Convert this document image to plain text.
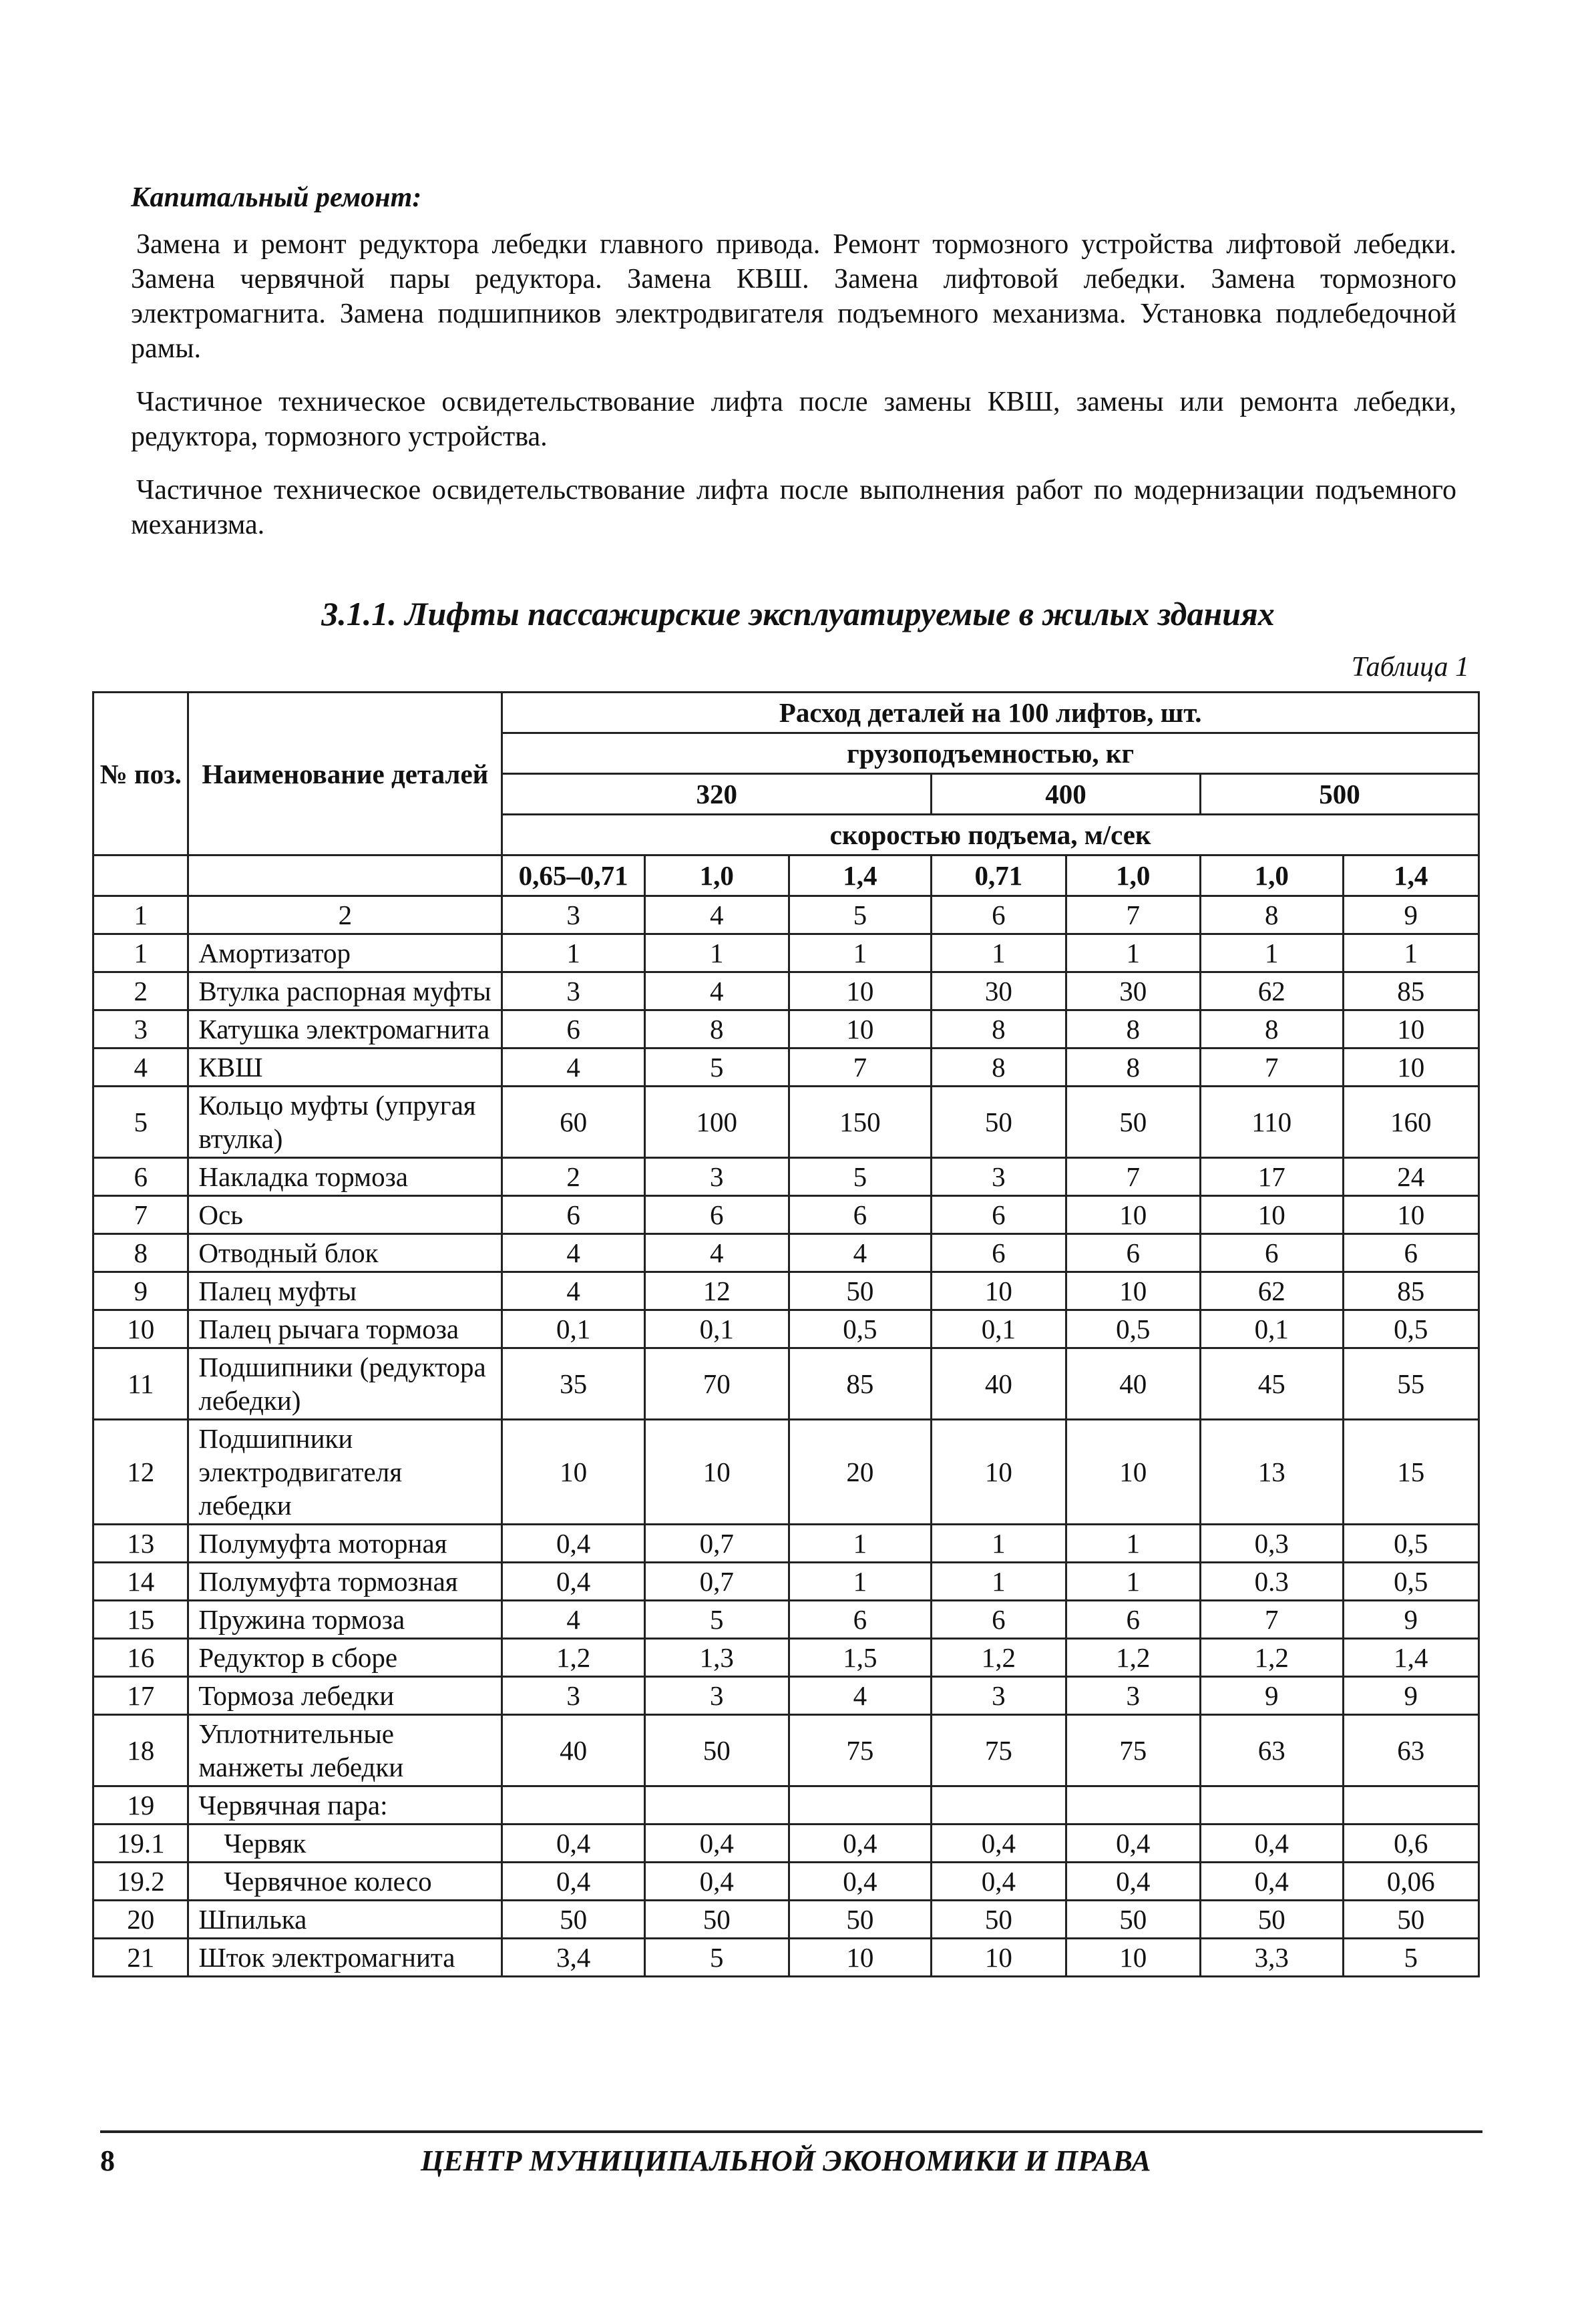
Капитальный ремонт:

Замена и ремонт редуктора лебедки главного привода. Ремонт тормозного устройства лифтовой лебедки. Замена червячной пары редуктора. Замена КВШ. Замена лифтовой лебедки. Замена тормозного электромагнита. Замена подшипников электродвигателя подъемного механизма. Установка подлебедочной рамы.

Частичное техническое освидетельствование лифта после замены КВШ, замены или ремонта лебедки, редуктора, тормозного устройства.

Частичное техническое освидетельствование лифта после выполнения работ по модернизации подъемного механизма.

3.1.1. Лифты пассажирские эксплуатируемые в жилых зданиях
Таблица 1
№ поз.	Наименование деталей	Расход деталей на 100 лифтов, шт.						
		грузоподъемностью, кг						
		320			400		500	
		скоростью подъема, м/сек						
		0,65–0,71	1,0	1,4	0,71	1,0	1,0	1,4
1	2	3	4	5	6	7	8	9
1	Амортизатор	1	1	1	1	1	1	1
2	Втулка распорная муфты	3	4	10	30	30	62	85
3	Катушка электромагнита	6	8	10	8	8	8	10
4	КВШ	4	5	7	8	8	7	10
5	Кольцо муфты (упругая втулка)	60	100	150	50	50	110	160
6	Накладка тормоза	2	3	5	3	7	17	24
7	Ось	6	6	6	6	10	10	10
8	Отводный блок	4	4	4	6	6	6	6
9	Палец муфты	4	12	50	10	10	62	85
10	Палец рычага тормоза	0,1	0,1	0,5	0,1	0,5	0,1	0,5
11	Подшипники (редуктора лебедки)	35	70	85	40	40	45	55
12	Подшипники электродвигателя лебедки	10	10	20	10	10	13	15
13	Полумуфта моторная	0,4	0,7	1	1	1	0,3	0,5
14	Полумуфта тормозная	0,4	0,7	1	1	1	0.3	0,5
15	Пружина тормоза	4	5	6	6	6	7	9
16	Редуктор в сборе	1,2	1,3	1,5	1,2	1,2	1,2	1,4
17	Тормоза лебедки	3	3	4	3	3	9	9
18	Уплотнительные манжеты лебедки	40	50	75	75	75	63	63
19	Червячная пара:							
19.1	Червяк	0,4	0,4	0,4	0,4	0,4	0,4	0,6
19.2	Червячное колесо	0,4	0,4	0,4	0,4	0,4	0,4	0,06
20	Шпилька	50	50	50	50	50	50	50
21	Шток электромагнита	3,4	5	10	10	10	3,3	5
8	ЦЕНТР МУНИЦИПАЛЬНОЙ ЭКОНОМИКИ И ПРАВА
